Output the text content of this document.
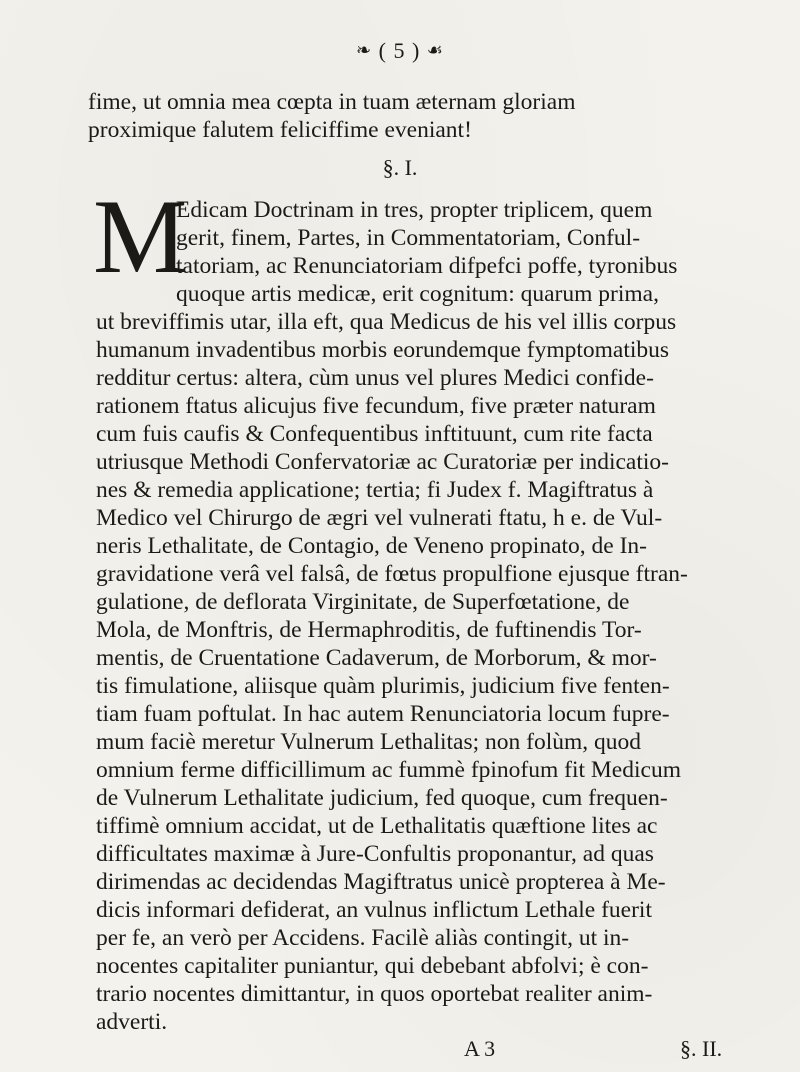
❧ ( 5 ) ☙
fime, ut omnia mea cœpta in tuam æternam gloriam
proximique falutem feliciffime eveniant!
§. I.
M
Edicam Doctrinam in tres, propter triplicem, quem
gerit, finem, Partes, in Commentatoriam, Conful-
tatoriam, ac Renunciatoriam difpefci poffe, tyronibus
quoque artis medicæ, erit cognitum: quarum prima,
ut breviffimis utar, illa eft, qua Medicus de his vel illis corpus
humanum invadentibus morbis eorundemque fymptomatibus
redditur certus: altera, cùm unus vel plures Medici confide-
rationem ftatus alicujus five fecundum, five præter naturam
cum fuis caufis & Confequentibus inftituunt, cum rite facta
utriusque Methodi Confervatoriæ ac Curatoriæ per indicatio-
nes & remedia applicatione; tertia; fi Judex f. Magiftratus à
Medico vel Chirurgo de ægri vel vulnerati ftatu, h e. de Vul-
neris Lethalitate, de Contagio, de Veneno propinato, de In-
gravidatione verâ vel falsâ, de fœtus propulfione ejusque ftran-
gulatione, de deflorata Virginitate, de Superfœtatione, de
Mola, de Monftris, de Hermaphroditis, de fuftinendis Tor-
mentis, de Cruentatione Cadaverum, de Morborum, & mor-
tis fimulatione, aliisque quàm plurimis, judicium five fenten-
tiam fuam poftulat. In hac autem Renunciatoria locum fupre-
mum faciè meretur Vulnerum Lethalitas; non folùm, quod
omnium ferme difficillimum ac fummè fpinofum fit Medicum
de Vulnerum Lethalitate judicium, fed quoque, cum frequen-
tiffimè omnium accidat, ut de Lethalitatis quæftione lites ac
difficultates maximæ à Jure-Confultis proponantur, ad quas
dirimendas ac decidendas Magiftratus unicè propterea à Me-
dicis informari defiderat, an vulnus inflictum Lethale fuerit
per fe, an verò per Accidens. Facilè aliàs contingit, ut in-
nocentes capitaliter puniantur, qui debebant abfolvi; è con-
trario nocentes dimittantur, in quos oportebat realiter anim-
adverti.
A 3	§. II.
